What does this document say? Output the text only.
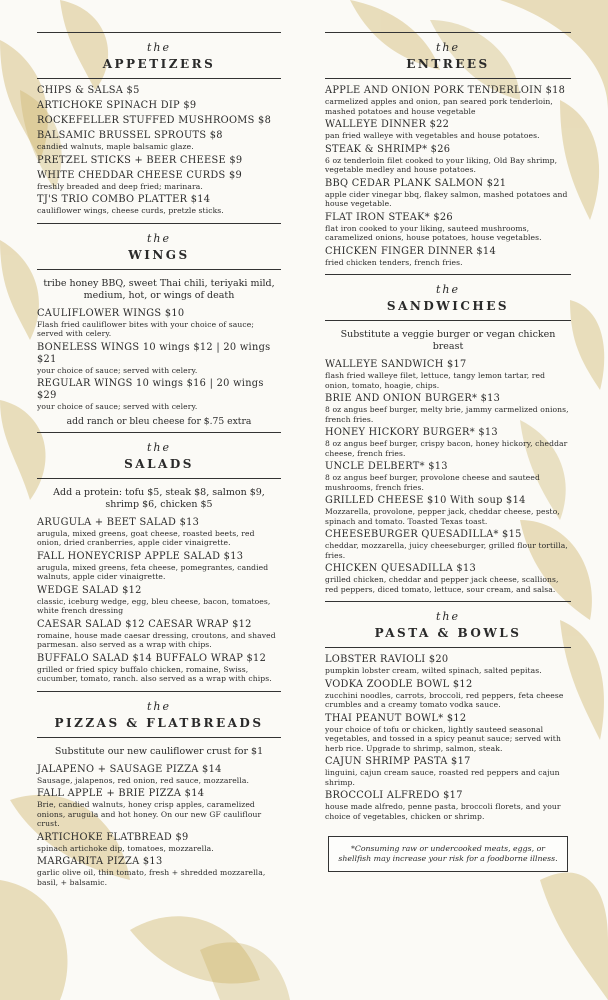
the
APPETIZERS
CHIPS & SALSA $5
ARTICHOKE SPINACH DIP $9
ROCKEFELLER STUFFED MUSHROOMS $8
BALSAMIC BRUSSEL SPROUTS $8
candied walnuts, maple balsamic glaze.
PRETZEL STICKS + BEER CHEESE $9
WHITE CHEDDAR CHEESE CURDS $9
freshly breaded and deep fried; marinara.
TJ'S TRIO COMBO PLATTER $14
cauliflower wings, cheese curds, pretzle sticks.
the
WINGS
tribe honey BBQ, sweet Thai chili, teriyaki mild, medium, hot, or wings of death
CAULIFLOWER WINGS $10
Flash fried cauliflower bites with your choice of sauce; served with celery.
BONELESS WINGS 10 wings $12 | 20 wings $21
your choice of sauce; served with celery.
REGULAR WINGS 10 wings $16 | 20 wings $29
your choice of sauce; served with celery.
add ranch or bleu cheese for $.75 extra
the
SALADS
Add a protein: tofu $5, steak $8, salmon $9, shrimp $6, chicken $5
ARUGULA + BEET SALAD $13
arugula, mixed greens, goat cheese, roasted beets, red onion, dried cranberries, apple cider vinaigrette.
FALL HONEYCRISP APPLE SALAD $13
arugula, mixed greens, feta cheese, pomegrantes, candied walnuts, apple cider vinaigrette.
WEDGE SALAD $12
classic, iceburg wedge, egg, bleu cheese, bacon, tomatoes, white french dressing
CAESAR SALAD $12 CAESAR WRAP $12
romaine, house made caesar dressing, croutons, and shaved parmesan. also served as a wrap with chips.
BUFFALO SALAD $14 BUFFALO WRAP $12
grilled or fried spicy buffalo chicken, romaine, Swiss, cucumber, tomato, ranch. also served as a wrap with chips.
the
PIZZAS & FLATBREADS
Substitute our new cauliflower crust for $1
JALAPENO + SAUSAGE PIZZA $14
Sausage, jalapenos, red onion, red sauce, mozzarella.
FALL APPLE + BRIE PIZZA $14
Brie, candied walnuts, honey crisp apples, caramelized onions, arugula and hot honey. On our new GF cauliflour crust.
ARTICHOKE FLATBREAD $9
spinach artichoke dip, tomatoes, mozzarella.
MARGARITA PIZZA $13
garlic olive oil, thin tomato, fresh + shredded mozzarella, basil, + balsamic.
the
ENTREES
APPLE AND ONION PORK TENDERLOIN $18
carmelized apples and onion, pan seared pork tenderloin, mashed potatoes and house vegetable
WALLEYE DINNER $22
pan fried walleye with vegetables and house potatoes.
STEAK & SHRIMP* $26
6 oz tenderloin filet cooked to your liking, Old Bay shrimp, vegetable medley and house potatoes.
BBQ CEDAR PLANK SALMON $21
apple cider vinegar bbq, flakey salmon, mashed potatoes and house vegetable.
FLAT IRON STEAK* $26
flat iron cooked to your liking, sauteed mushrooms, caramelized onions, house potatoes, house vegetables.
CHICKEN FINGER DINNER $14
fried chicken tenders, french fries.
the
SANDWICHES
Substitute a veggie burger or vegan chicken breast
WALLEYE SANDWICH $17
flash fried walleye filet, lettuce, tangy lemon tartar, red onion, tomato, hoagie, chips.
BRIE AND ONION BURGER* $13
8 oz angus beef burger, melty brie, jammy carmelized onions, french fries.
HONEY HICKORY BURGER* $13
8 oz angus beef burger, crispy bacon, honey hickory, cheddar cheese, french fries.
UNCLE DELBERT* $13
8 oz angus beef burger, provolone cheese and sauteed mushrooms, french fries.
GRILLED CHEESE $10 With soup $14
Mozzarella, provolone, pepper jack, cheddar cheese, pesto, spinach and tomato. Toasted Texas toast.
CHEESEBURGER QUESADILLA* $15
cheddar, mozzarella, juicy cheeseburger, grilled flour tortilla, fries.
CHICKEN QUESADILLA $13
grilled chicken, cheddar and pepper jack cheese, scallions, red peppers, diced tomato, lettuce, sour cream, and salsa.
the
PASTA & BOWLS
LOBSTER RAVIOLI $20
pumpkin lobster cream, wilted spinach, salted pepitas.
VODKA ZOODLE BOWL $12
zucchini noodles, carrots, broccoli, red peppers, feta cheese crumbles and a creamy tomato vodka sauce.
THAI PEANUT BOWL* $12
your choice of tofu or chicken, lightly sauteed seasonal vegetables, and tossed in a spicy peanut sauce; served with herb rice. Upgrade to shrimp, salmon, steak.
CAJUN SHRIMP PASTA $17
linguini, cajun cream sauce, roasted red peppers and cajun shrimp.
BROCCOLI ALFREDO $17
house made alfredo, penne pasta, broccoli florets, and your choice of vegetables, chicken or shrimp.
*Consuming raw or undercooked meats, eggs, or shellfish may increase your risk for a foodborne illness.
